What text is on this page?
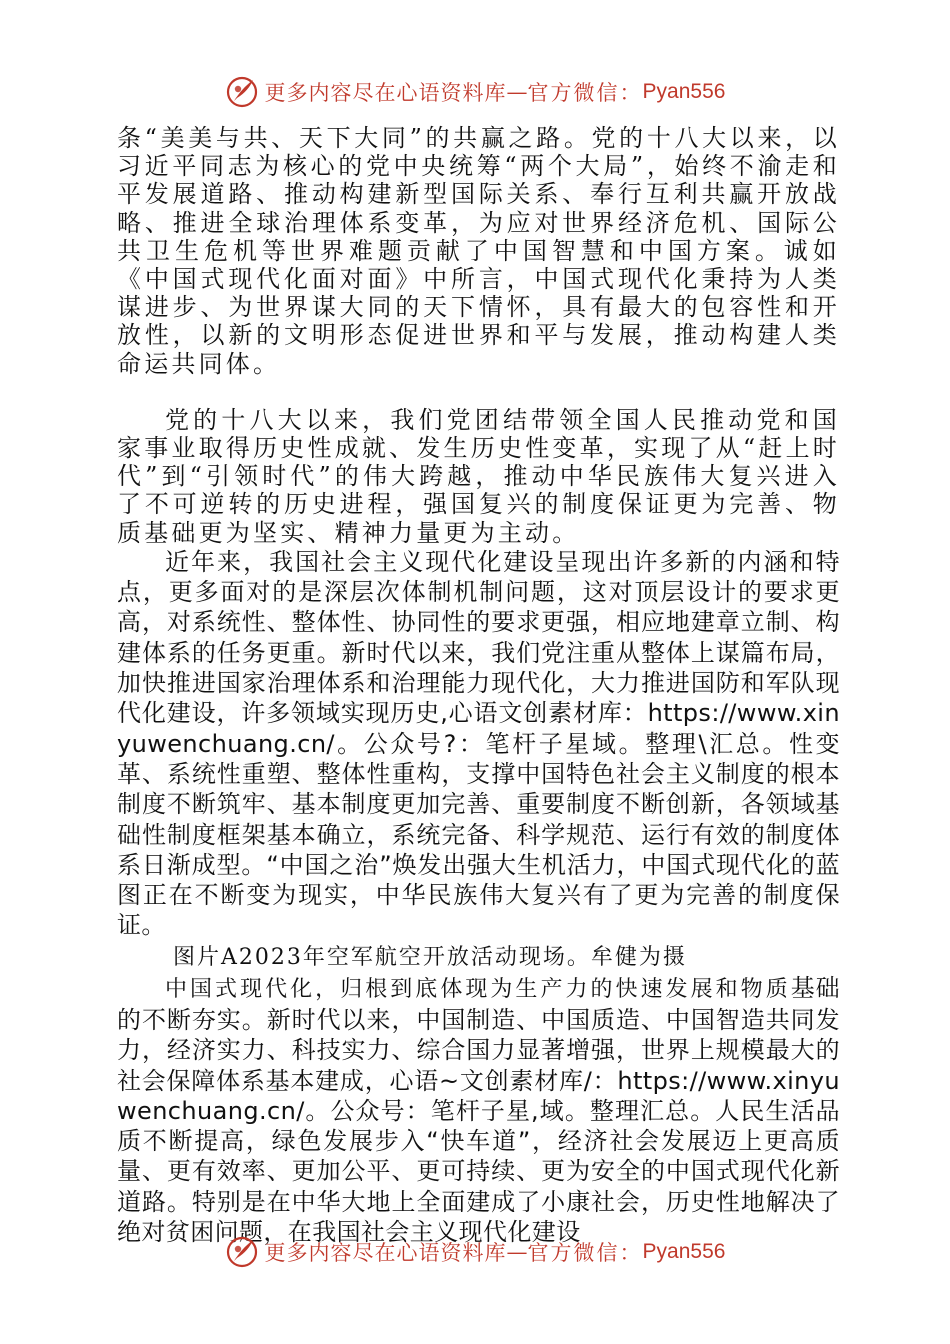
更多内容尽在心语资料库 — 官方微信： Pyan556

条“美美与共、天下大同”的共赢之路。党的十八大以来，以习近平同志为核心的党中央统筹“两个大局”，始终不渝走和平发展道路、推动构建新型国际关系、奉行互利共赢开放战略、推进全球治理体系变革，为应对世界经济危机、国际公共卫生危机等世界难题贡献了中国智慧和中国方案。诚如《中国式现代化面对面》中所言，中国式现代化秉持为人类谋进步、为世界谋大同的天下情怀，具有最大的包容性和开放性，以新的文明形态促进世界和平与发展，推动构建人类命运共同体。

党的十八大以来，我们党团结带领全国人民推动党和国家事业取得历史性成就、发生历史性变革，实现了从“赶上时代”到“引领时代”的伟大跨越，推动中华民族伟大复兴进入了不可逆转的历史进程，强国复兴的制度保证更为完善、物质基础更为坚实、精神力量更为主动。

近年来，我国社会主义现代化建设呈现出许多新的内涵和特点，更多面对的是深层次体制机制问题，这对顶层设计的要求更高，对系统性、整体性、协同性的要求更强，相应地建章立制、构建体系的任务更重。新时代以来，我们党注重从整体上谋篇布局，加快推进国家治理体系和治理能力现代化，大力推进国防和军队现代化建设，许多领域实现历史,心语文创素材库：https://www.xinyuwenchuang.cn/。公众号?：笔杆子星域。整理\汇总。性变革、系统性重塑、整体性重构，支撑中国特色社会主义制度的根本制度不断筑牢、基本制度更加完善、重要制度不断创新，各领域基础性制度框架基本确立，系统完备、科学规范、运行有效的制度体系日渐成型。“中国之治”焕发出强大生机活力，中国式现代化的蓝图正在不断变为现实，中华民族伟大复兴有了更为完善的制度保证。

图片A2023年空军航空开放活动现场。牟健为摄

中国式现代化，归根到底体现为生产力的快速发展和物质基础的不断夯实。新时代以来，中国制造、中国质造、中国智造共同发力，经济实力、科技实力、综合国力显著增强，世界上规模最大的社会保障体系基本建成，心语~文创素材库/：https://www.xinyuwenchuang.cn/。公众号：笔杆子星,域。整理汇总。人民生活品质不断提高，绿色发展步入“快车道”，经济社会发展迈上更高质量、更有效率、更加公平、更可持续、更为安全的中国式现代化新道路。特别是在中华大地上全面建成了小康社会，历史性地解决了绝对贫困问题，在我国社会主义现代化建设

更多内容尽在心语资料库 — 官方微信： Pyan556
